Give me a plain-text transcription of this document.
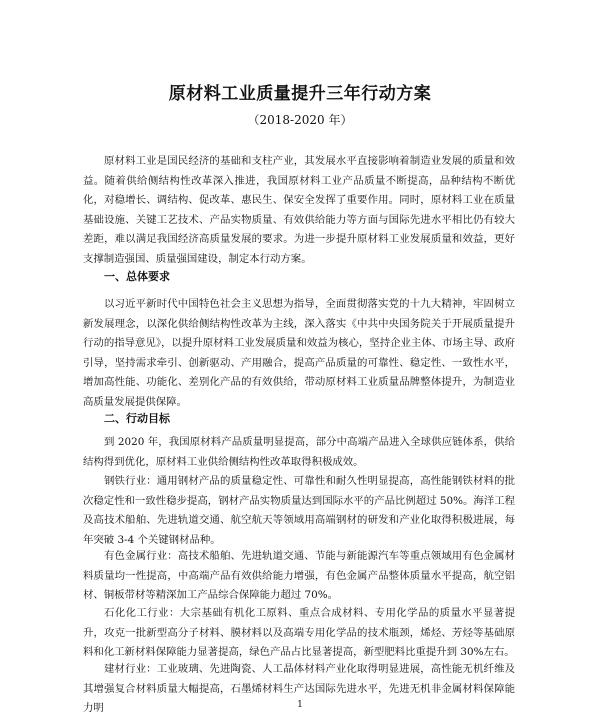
原材料工业质量提升三年行动方案
（2018-2020 年）

原材料工业是国民经济的基础和支柱产业，其发展水平直接影响着制造业发展的质量和效益。随着供给侧结构性改革深入推进，我国原材料工业产品质量不断提高，品种结构不断优化，对稳增长、调结构、促改革、惠民生、保安全发挥了重要作用。同时，原材料工业在质量基础设施、关键工艺技术、产品实物质量、有效供给能力等方面与国际先进水平相比仍有较大差距，难以满足我国经济高质量发展的要求。为进一步提升原材料工业发展质量和效益，更好支撑制造强国、质量强国建设，制定本行动方案。

一、总体要求

以习近平新时代中国特色社会主义思想为指导，全面贯彻落实党的十九大精神，牢固树立新发展理念，以深化供给侧结构性改革为主线，深入落实《中共中央国务院关于开展质量提升行动的指导意见》，以提升原材料工业发展质量和效益为核心，坚持企业主体、市场主导、政府引导，坚持需求牵引、创新驱动、产用融合，提高产品质量的可靠性、稳定性、一致性水平，增加高性能、功能化、差别化产品的有效供给，带动原材料工业质量品牌整体提升，为制造业高质量发展提供保障。

二、行动目标

到 2020 年，我国原材料产品质量明显提高，部分中高端产品进入全球供应链体系，供给结构得到优化，原材料工业供给侧结构性改革取得积极成效。

钢铁行业：通用钢材产品的质量稳定性、可靠性和耐久性明显提高，高性能钢铁材料的批次稳定性和一致性稳步提高，钢材产品实物质量达到国际水平的产品比例超过 50%。海洋工程及高技术船舶、先进轨道交通、航空航天等领域用高端钢材的研发和产业化取得积极进展，每年突破 3-4 个关键钢材品种。

有色金属行业：高技术船舶、先进轨道交通、节能与新能源汽车等重点领域用有色金属材料质量均一性提高，中高端产品有效供给能力增强，有色金属产品整体质量水平提高，航空铝材、铜板带材等精深加工产品综合保障能力超过 70%。

石化化工行业：大宗基础有机化工原料、重点合成材料、专用化学品的质量水平显著提升，攻克一批新型高分子材料、膜材料以及高端专用化学品的技术瓶颈，烯烃、芳烃等基础原料和化工新材料保障能力显著提高，绿色产品占比显著提高，新型肥料比重提升到 30%左右。

建材行业：工业玻璃、先进陶瓷、人工晶体材料产业化取得明显进展，高性能无机纤维及其增强复合材料质量大幅提高，石墨烯材料生产达国际先进水平，先进无机非金属材料保障能力明	1
